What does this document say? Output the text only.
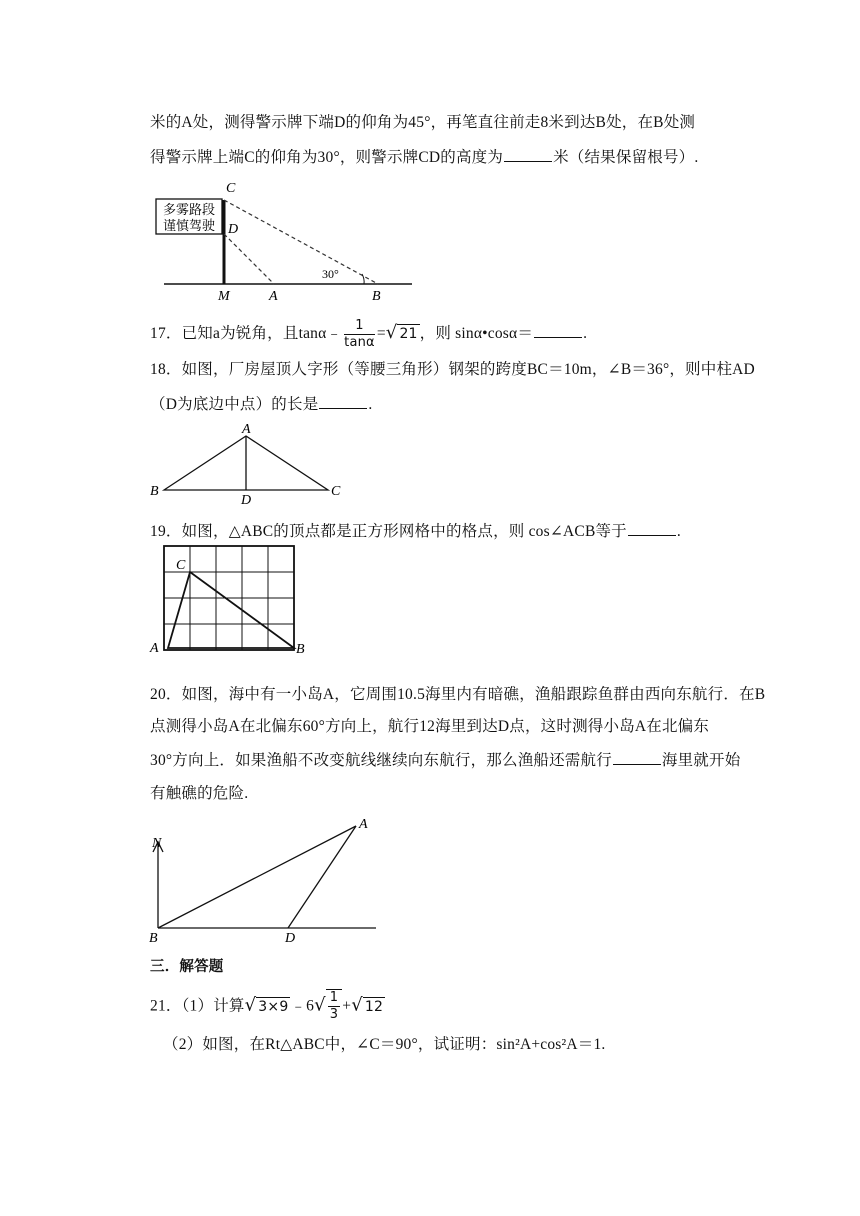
米的A处，测得警示牌下端D的仰角为45°，再笔直往前走8米到达B处，在B处测
得警示牌上端C的仰角为30°，则警示牌CD的高度为	米（结果保留根号）.
多雾路段
谨慎驾驶
30°
C
D
M	A	B
17．已知a为锐角，且tanα﹣ $\frac{1}{\tan\alpha}$ =√ 21 ，则 sinα•cosα＝	.
18．如图，厂房屋顶人字形（等腰三角形）钢架的跨度BC＝10m，∠B＝36°，则中柱AD
（D为底边中点）的长是	.
A
B	C
D
19．如图，△ABC的顶点都是正方形网格中的格点，则 cos∠ACB等于	.
C
A	B
20．如图，海中有一小岛A，它周围10.5海里内有暗礁，渔船跟踪鱼群由西向东航行．在B
点测得小岛A在北偏东60°方向上，航行12海里到达D点，这时测得小岛A在北偏东
30°方向上．如果渔船不改变航线继续向东航行，那么渔船还需航行	海里就开始
有触礁的危险.
N
A
B	D
三．解答题
21．（1）计算√ 3×9 ﹣6√ $\frac{1}{3}$ +√ 12
（2）如图，在Rt△ABC中，∠C＝90°，试证明：sin²A+cos²A＝1.
